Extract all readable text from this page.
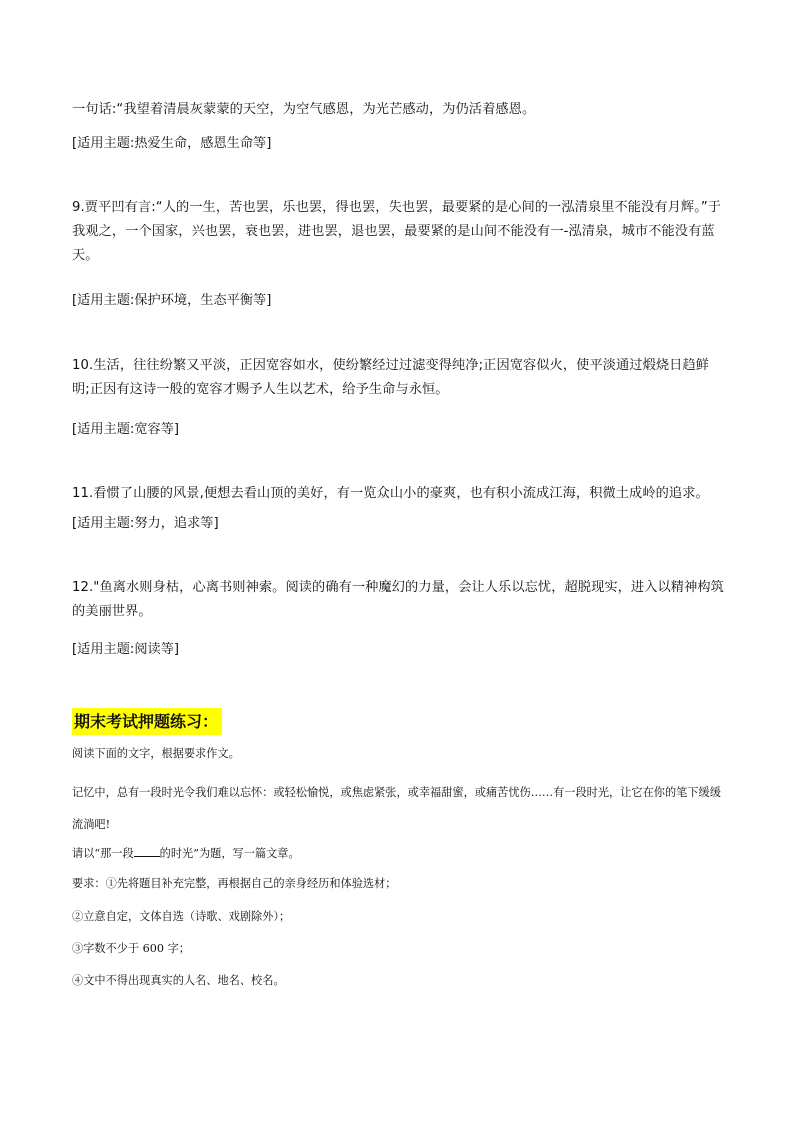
一句话:“我望着清晨灰蒙蒙的天空，为空气感恩，为光芒感动，为仍活着感恩。
[适用主题:热爱生命，感恩生命等]
9.贾平凹有言:“人的一生，苦也罢，乐也罢，得也罢，失也罢，最要紧的是心间的一泓清泉里不能没有月辉。”于我观之，一个国家，兴也罢，衰也罢，进也罢，退也罢，最要紧的是山间不能没有一-泓清泉，城市不能没有蓝天。
[适用主题:保护环境，生态平衡等]
10.生活，往往纷繁又平淡，正因宽容如水，使纷繁经过过滤变得纯净;正因宽容似火，使平淡通过煅烧日趋鲜明;正因有这诗一般的宽容才赐予人生以艺术，给予生命与永恒。
[适用主题:宽容等]
11.看惯了山腰的风景,便想去看山顶的美好，有一览众山小的豪爽，也有积小流成江海，积微土成岭的追求。
[适用主题:努力，追求等]
12."鱼离水则身枯，心离书则神索。阅读的确有一种魔幻的力量，会让人乐以忘忧，超脱现实，进入以精神构筑的美丽世界。
[适用主题:阅读等]
期末考试押题练习：
阅读下面的文字，根据要求作文。
记忆中，总有一段时光令我们难以忘怀：或轻松愉悦，或焦虑紧张，或幸福甜蜜，或痛苦忧伤……有一段时光，让它在你的笔下缓缓流淌吧!
请以“那一段 的时光”为题，写一篇文章。
要求：①先将题目补充完整，再根据自己的亲身经历和体验选材；
②立意自定，文体自选（诗歌、戏剧除外）；
③字数不少于 600 字；
④文中不得出现真实的人名、地名、校名。
